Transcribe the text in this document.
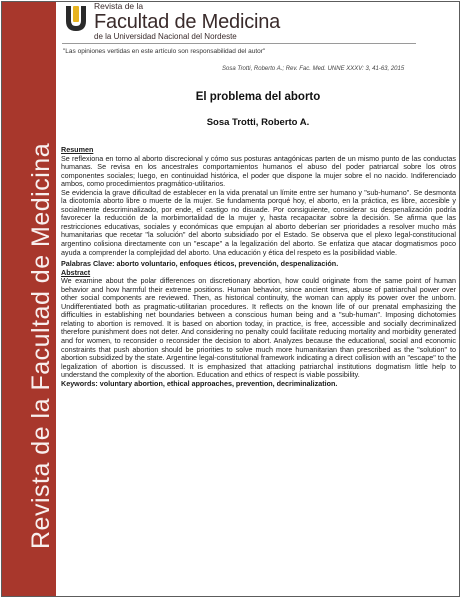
Revista de la Facultad de Medicina
Revista de la
Facultad de Medicina
de la Universidad Nacional del Nordeste
"Las opiniones vertidas en este artículo son responsabilidad del autor"
Sosa Trotti, Roberto A.; Rev. Fac. Med. UNNE XXXV: 3, 41-63, 2015
El problema del aborto
Sosa Trotti, Roberto A.

Resumen

Se reflexiona en torno al aborto discrecional y cómo sus posturas antagónicas parten de un mismo punto de las conductas humanas. Se revisa en los ancestrales comportamientos humanos el abuso del poder patriarcal sobre los otros componentes sociales; luego, en continuidad histórica, el poder que dispone la mujer sobre el no nacido. Indiferenciado ambos, como procedimientos pragmático-utilitarios.

Se evidencia la grave dificultad de establecer en la vida prenatal un límite entre ser humano y "sub-humano". Se desmonta la dicotomía aborto libre o muerte de la mujer. Se fundamenta porqué hoy, el aborto, en la práctica, es libre, accesible y socialmente descriminalizado, por ende, el castigo no disuade. Por consiguiente, considerar su despenalización podría favorecer la reducción de la morbimortalidad de la mujer y, hasta recapacitar sobre la decisión. Se afirma que las restricciones educativas, sociales y económicas que empujan al aborto deberían ser prioridades a resolver mucho más humanitarias que recetar "la solución" del aborto subsidiado por el Estado. Se observa que el plexo legal-constitucional argentino colisiona directamente con un "escape" a la legalización del aborto. Se enfatiza que atacar dogmatismos poco ayuda a comprender la complejidad del aborto. Una educación y ética del respeto es la posibilidad viable.

Palabras Clave: aborto voluntario, enfoques éticos, prevención, despenalización.

Abstract

We examine about the polar differences on discretionary abortion, how could originate from the same point of human behavior and how harmful their extreme positions. Human behavior, since ancient times, abuse of patriarchal power over other social components are reviewed. Then, as historical continuity, the woman can apply its power over the unborn. Undifferentiated both as pragmatic-utilitarian procedures. It reflects on the known life of our prenatal emphasizing the difficulties in establishing net boundaries between a conscious human being and a "sub-human". Imposing dichotomies relating to abortion is removed. It is based on abortion today, in practice, is free, accessible and socially decriminalized therefore punishment does not deter. And considering no penalty could facilitate reducing mortality and morbidity generated and for women, to reconsider o reconsider the decision to abort. Analyzes because the educational, social and economic constraints that push abortion should be priorities to solve much more humanitarian than prescribed as the "solution" to abortion subsidized by the state. Argentine legal-constitutional framework indicating a direct collision with an "escape" to the legalization of abortion is discussed. It is emphasized that attacking patriarchal institutions dogmatism little help to understand the complexity of the abortion. Education and ethics of respect is viable possibility.

Keywords: voluntary abortion, ethical approaches, prevention, decriminalization.
